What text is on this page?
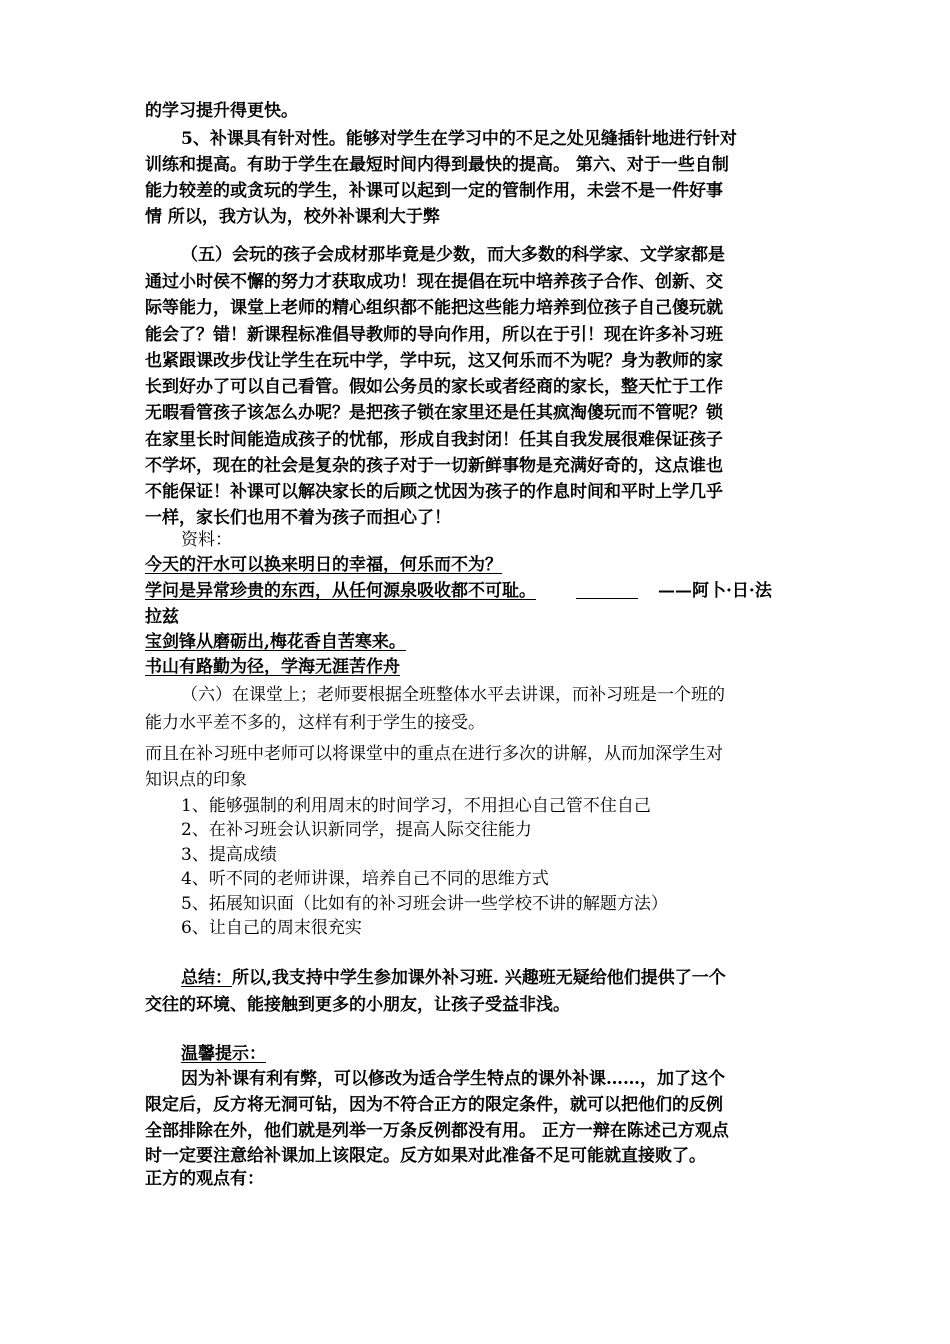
的学习提升得更快。
5、补课具有针对性。能够对学生在学习中的不足之处见缝插针地进行针对
训练和提高。有助于学生在最短时间内得到最快的提高。 第六、对于一些自制
能力较差的或贪玩的学生，补课可以起到一定的管制作用，未尝不是一件好事
情 所以，我方认为，校外补课利大于弊
（五）会玩的孩子会成材那毕竟是少数，而大多数的科学家、文学家都是
通过小时侯不懈的努力才获取成功！现在提倡在玩中培养孩子合作、创新、交
际等能力，课堂上老师的精心组织都不能把这些能力培养到位孩子自己傻玩就
能会了？错！新课程标准倡导教师的导向作用，所以在于引！现在许多补习班
也紧跟课改步伐让学生在玩中学，学中玩，这又何乐而不为呢？身为教师的家
长到好办了可以自己看管。假如公务员的家长或者经商的家长，整天忙于工作
无暇看管孩子该怎么办呢？是把孩子锁在家里还是任其疯淘傻玩而不管呢？锁
在家里长时间能造成孩子的忧郁，形成自我封闭！任其自我发展很难保证孩子
不学坏，现在的社会是复杂的孩子对于一切新鲜事物是充满好奇的，这点谁也
不能保证！补课可以解决家长的后顾之忧因为孩子的作息时间和平时上学几乎
一样，家长们也用不着为孩子而担心了！
资料：
今天的汗水可以换来明日的幸福，何乐而不为？
学问是异常珍贵的东西，从任何源泉吸收都不可耻。	——阿卜·日·法
拉兹
宝剑锋从磨砺出,梅花香自苦寒来。
书山有路勤为径，学海无涯苦作舟
（六）在课堂上；老师要根据全班整体水平去讲课，而补习班是一个班的
能力水平差不多的，这样有利于学生的接受。
而且在补习班中老师可以将课堂中的重点在进行多次的讲解，从而加深学生对
知识点的印象
1、能够强制的利用周末的时间学习，不用担心自己管不住自己
2、在补习班会认识新同学，提高人际交往能力
3、提高成绩
4、听不同的老师讲课，培养自己不同的思维方式
5、拓展知识面（比如有的补习班会讲一些学校不讲的解题方法）
6、让自己的周末很充实
总结：所以,我支持中学生参加课外补习班. 兴趣班无疑给他们提供了一个
交往的环境、能接触到更多的小朋友，让孩子受益非浅。
温馨提示：
因为补课有利有弊，可以修改为适合学生特点的课外补课……，加了这个
限定后，反方将无洞可钻，因为不符合正方的限定条件，就可以把他们的反例
全部排除在外，他们就是列举一万条反例都没有用。 正方一辩在陈述己方观点
时一定要注意给补课加上该限定。反方如果对此准备不足可能就直接败了。
正方的观点有：
